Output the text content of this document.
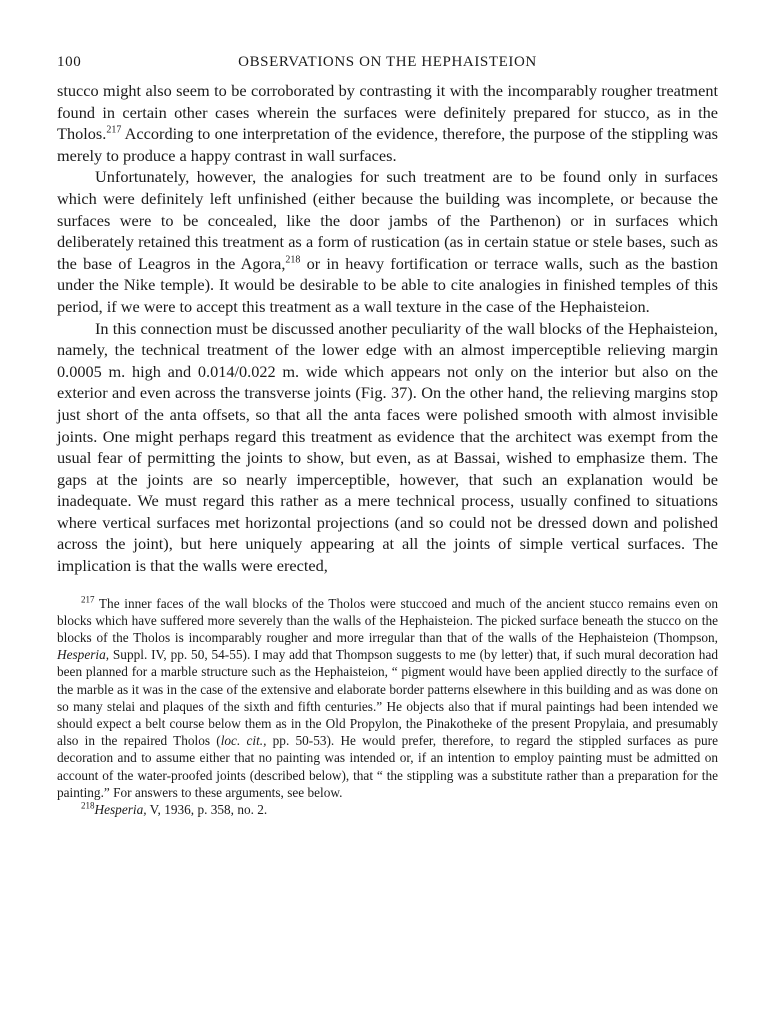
100	OBSERVATIONS ON THE HEPHAISTEION

stucco might also seem to be corroborated by contrasting it with the incomparably rougher treatment found in certain other cases wherein the surfaces were definitely prepared for stucco, as in the Tholos.$^{217}$ According to one interpretation of the evidence, therefore, the purpose of the stippling was merely to produce a happy contrast in wall surfaces.

Unfortunately, however, the analogies for such treatment are to be found only in surfaces which were definitely left unfinished (either because the building was incomplete, or because the surfaces were to be concealed, like the door jambs of the Parthenon) or in surfaces which deliberately retained this treatment as a form of rustication (as in certain statue or stele bases, such as the base of Leagros in the Agora,$^{218}$ or in heavy fortification or terrace walls, such as the bastion under the Nike temple). It would be desirable to be able to cite analogies in finished temples of this period, if we were to accept this treatment as a wall texture in the case of the Hephaisteion.

In this connection must be discussed another peculiarity of the wall blocks of the Hephaisteion, namely, the technical treatment of the lower edge with an almost imperceptible relieving margin 0.0005 m. high and 0.014/0.022 m. wide which appears not only on the interior but also on the exterior and even across the transverse joints (Fig. 37). On the other hand, the relieving margins stop just short of the anta offsets, so that all the anta faces were polished smooth with almost invisible joints. One might perhaps regard this treatment as evidence that the architect was exempt from the usual fear of permitting the joints to show, but even, as at Bassai, wished to emphasize them. The gaps at the joints are so nearly imperceptible, however, that such an explanation would be inadequate. We must regard this rather as a mere technical process, usually confined to situations where vertical surfaces met horizontal projections (and so could not be dressed down and polished across the joint), but here uniquely appearing at all the joints of simple vertical surfaces. The implication is that the walls were erected,

$^{217}$ The inner faces of the wall blocks of the Tholos were stuccoed and much of the ancient stucco remains even on blocks which have suffered more severely than the walls of the Hephaisteion. The picked surface beneath the stucco on the blocks of the Tholos is incomparably rougher and more irregular than that of the walls of the Hephaisteion (Thompson, Hesperia, Suppl. IV, pp. 50, 54-55). I may add that Thompson suggests to me (by letter) that, if such mural decoration had been planned for a marble structure such as the Hephaisteion, “ pigment would have been applied directly to the surface of the marble as it was in the case of the extensive and elaborate border patterns elsewhere in this building and as was done on so many stelai and plaques of the sixth and fifth centuries.” He objects also that if mural paintings had been intended we should expect a belt course below them as in the Old Propylon, the Pinakotheke of the present Propylaia, and presumably also in the repaired Tholos (loc. cit., pp. 50-53). He would prefer, therefore, to regard the stippled surfaces as pure decoration and to assume either that no painting was intended or, if an intention to employ painting must be admitted on account of the water-proofed joints (described below), that “ the stippling was a substitute rather than a preparation for the painting.” For answers to these arguments, see below.

$^{218}$Hesperia, V, 1936, p. 358, no. 2.
